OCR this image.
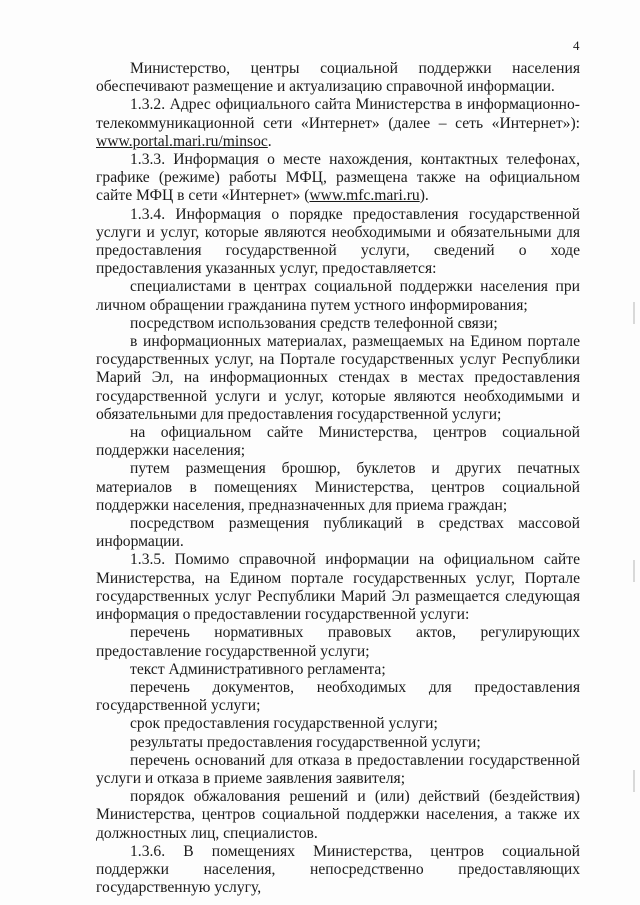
4

Министерство, центры социальной поддержки населения обеспечивают размещение и актуализацию справочной информации.

1.3.2. Адрес официального сайта Министерства в информационно-телекоммуникационной сети «Интернет» (далее – сеть «Интернет»): www.portal.mari.ru/minsoc.

1.3.3. Информация о месте нахождения, контактных телефонах, графике (режиме) работы МФЦ, размещена также на официальном сайте МФЦ в сети «Интернет» (www.mfc.mari.ru).

1.3.4. Информация о порядке предоставления государственной услуги и услуг, которые являются необходимыми и обязательными для предоставления государственной услуги, сведений о ходе предоставления указанных услуг, предоставляется:

специалистами в центрах социальной поддержки населения при личном обращении гражданина путем устного информирования;

посредством использования средств телефонной связи;

в информационных материалах, размещаемых на Едином портале государственных услуг, на Портале государственных услуг Республики Марий Эл, на информационных стендах в местах предоставления государственной услуги и услуг, которые являются необходимыми и обязательными для предоставления государственной услуги;

на официальном сайте Министерства, центров социальной поддержки населения;

путем размещения брошюр, буклетов и других печатных материалов в помещениях Министерства, центров социальной поддержки населения, предназначенных для приема граждан;

посредством размещения публикаций в средствах массовой информации.

1.3.5. Помимо справочной информации на официальном сайте Министерства, на Едином портале государственных услуг, Портале государственных услуг Республики Марий Эл размещается следующая информация о предоставлении государственной услуги:

перечень нормативных правовых актов, регулирующих предоставление государственной услуги;

текст Административного регламента;

перечень документов, необходимых для предоставления государственной услуги;

срок предоставления государственной услуги;

результаты предоставления государственной услуги;

перечень оснований для отказа в предоставлении государственной услуги и отказа в приеме заявления заявителя;

порядок обжалования решений и (или) действий (бездействия) Министерства, центров социальной поддержки населения, а также их должностных лиц, специалистов.

1.3.6. В помещениях Министерства, центров социальной поддержки населения, непосредственно предоставляющих государственную услугу,
